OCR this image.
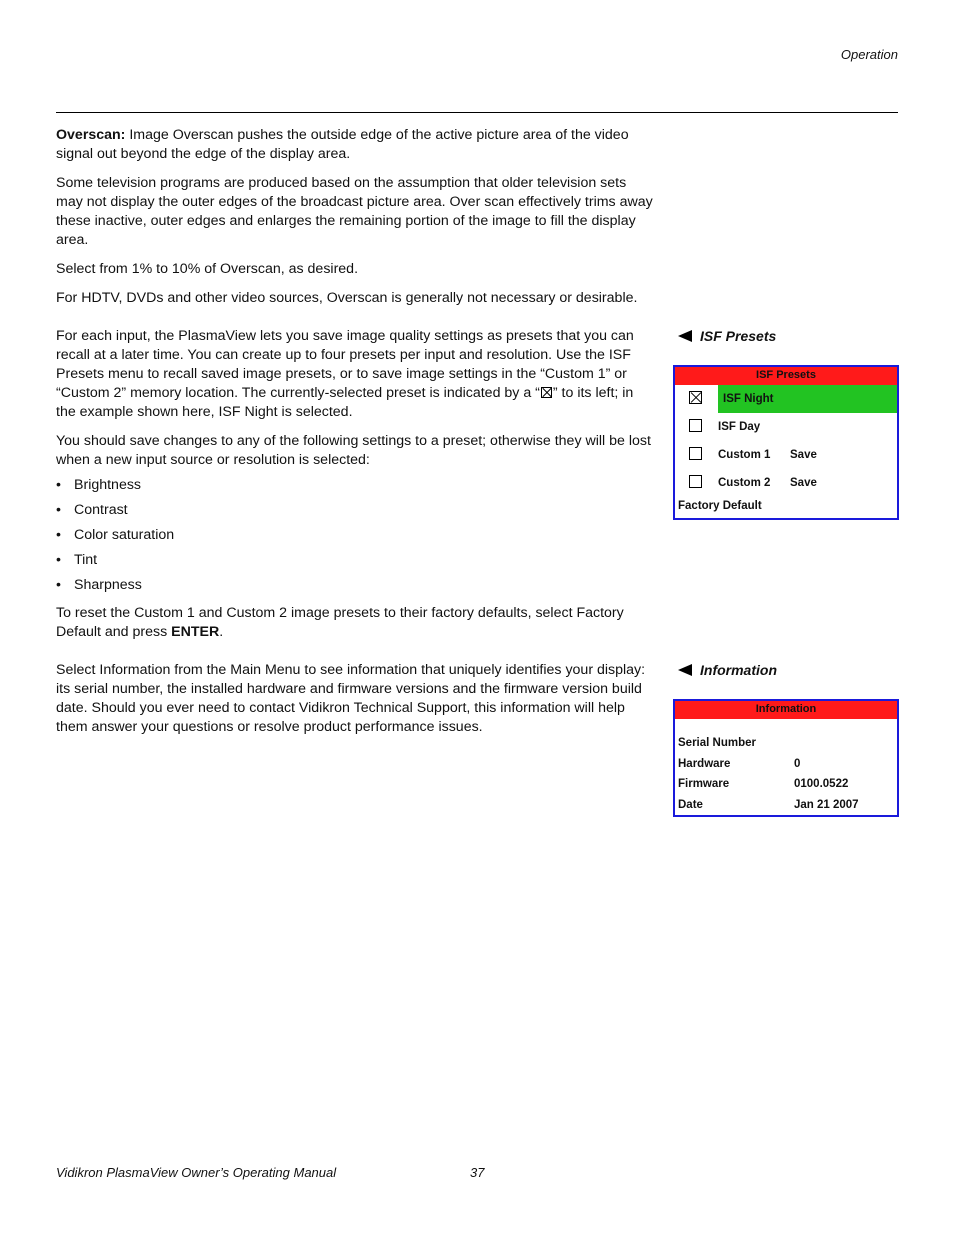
Operation

Overscan: Image Overscan pushes the outside edge of the active picture area of the video signal out beyond the edge of the display area.

Some television programs are produced based on the assumption that older television sets may not display the outer edges of the broadcast picture area. Over scan effectively trims away these inactive, outer edges and enlarges the remaining portion of the image to fill the display area.

Select from 1% to 10% of Overscan, as desired.

For HDTV, DVDs and other video sources, Overscan is generally not necessary or desirable.

ISF Presets

For each input, the PlasmaView lets you save image quality settings as presets that you can recall at a later time. You can create up to four presets per input and resolution. Use the ISF Presets menu to recall saved image presets, or to save image settings in the “Custom 1” or “Custom 2” memory location. The currently-selected preset is indicated by a “ ” to its left; in the example shown here, ISF Night is selected.

You should save changes to any of the following settings to a preset; otherwise they will be lost when a new input source or resolution is selected:

• Brightness
• Contrast
• Color saturation
• Tint
• Sharpness

To reset the Custom 1 and Custom 2 image presets to their factory defaults, select Factory Default and press ENTER.

ISF Presets
ISF Night
ISF Day
Custom 1 Save
Custom 2 Save
Factory Default
Information

Select Information from the Main Menu to see information that uniquely identifies your display: its serial number, the installed hardware and firmware versions and the firmware version build date. Should you ever need to contact Vidikron Technical Support, this information will help them answer your questions or resolve product performance issues.

Information
Serial Number
Hardware	0
Firmware	0100.0522
Date	Jan 21 2007
Vidikron PlasmaView Owner’s Operating Manual	37
